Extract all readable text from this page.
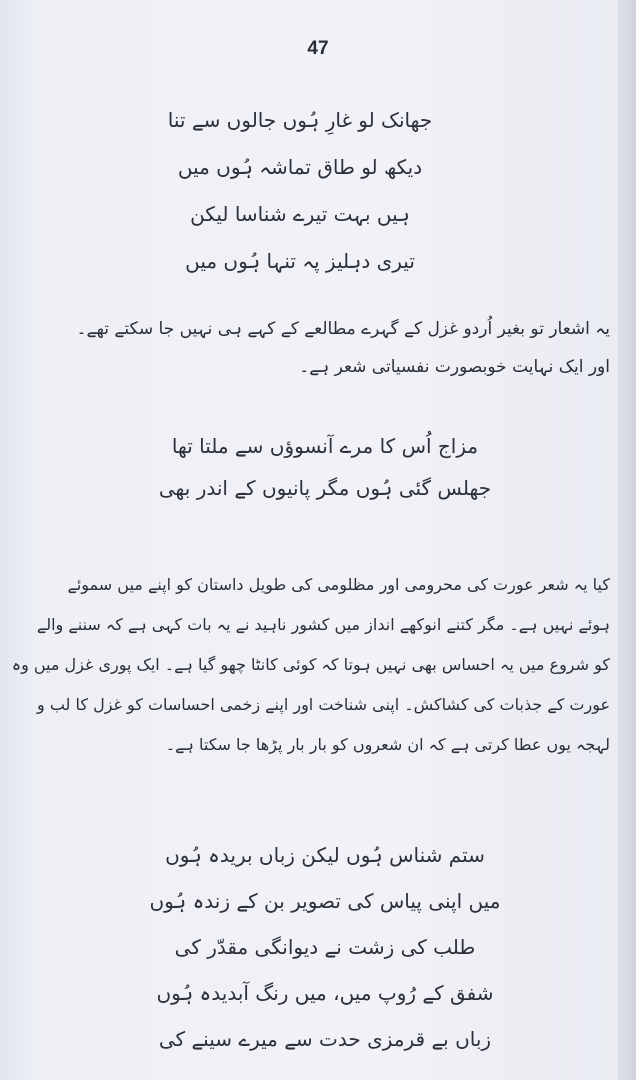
47
جھانک لو غارِ ہُوں جالوں سے تنا
دیکھ لو طاق تماشہ ہُوں میں
ہیں بہت تیرے شناسا لیکن
تیری دہلیز پہ تنہا ہُوں میں
یہ اشعار تو بغیر اُردو غزل کے گہرے مطالعے کے کہے ہی نہیں جا سکتے تھے۔
اور ایک نہایت خوبصورت نفسیاتی شعر ہے۔
مزاج اُس کا مرے آنسوؤں سے ملتا تھا
جھلس گئی ہُوں مگر پانیوں کے اندر بھی
کیا یہ شعر عورت کی محرومی اور مظلومی کی طویل داستان کو اپنے میں سموئے
ہوئے نہیں ہے۔ مگر کتنے انوکھے انداز میں کشور ناہید نے یہ بات کہی ہے کہ سننے والے
کو شروع میں یہ احساس بھی نہیں ہوتا کہ کوئی کانٹا چھو گیا ہے۔ ایک پوری غزل میں وہ
عورت کے جذبات کی کشاکش۔ اپنی شناخت اور اپنے زخمی احساسات کو غزل کا لب و
لہجہ یوں عطا کرتی ہے کہ ان شعروں کو بار بار پڑھا جا سکتا ہے۔
ستم شناس ہُوں لیکن زباں بریدہ ہُوں
میں اپنی پیاس کی تصویر بن کے زندہ ہُوں
طلب کی زشت نے دیوانگی مقدّر کی
شفق کے رُوپ میں، میں رنگ آبدیدہ ہُوں
زباں بے قرمزی حدت سے میرے سینے کی
